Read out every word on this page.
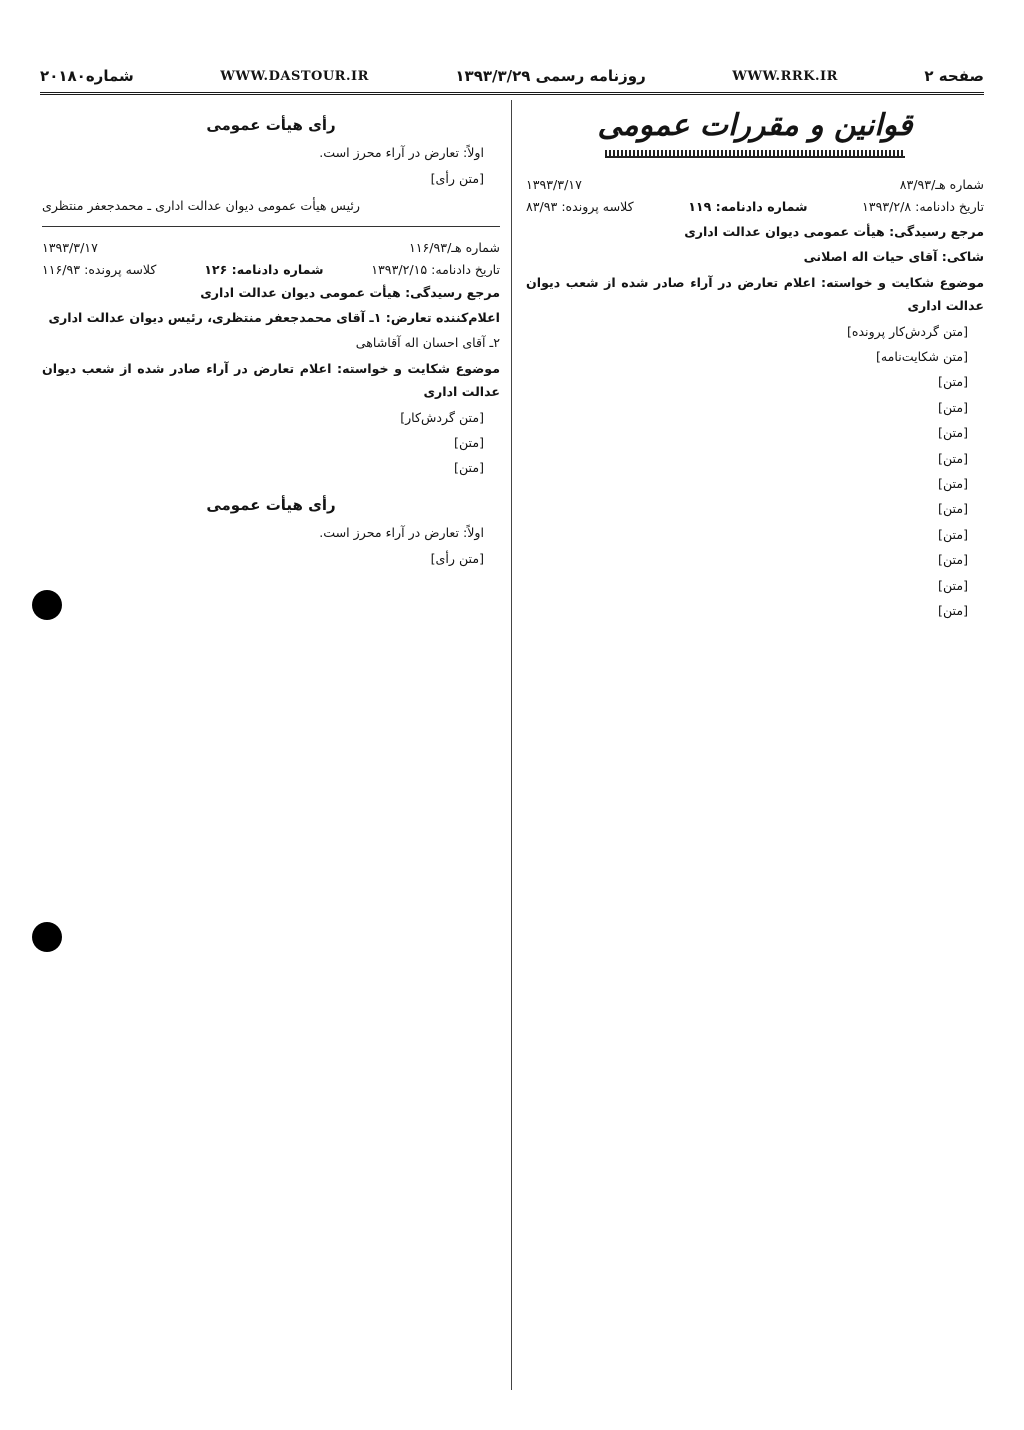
صفحه ۲
WWW.RRK.IR
روزنامه رسمی ۱۳۹۳/۳/۲۹
WWW.DASTOUR.IR
شماره۲۰۱۸۰
قوانین و مقررات عمومی
شماره هـ/۸۳/۹۳
۱۳۹۳/۳/۱۷
تاریخ دادنامه: ۱۳۹۳/۲/۸
شماره دادنامه: ۱۱۹
کلاسه پرونده: ۸۳/۹۳

مرجع رسیدگی: هیأت عمومی دیوان عدالت اداری

شاکی: آقای حیات اله اصلانی

موضوع شکایت و خواسته: اعلام تعارض در آراء صادر شده از شعب دیوان عدالت اداری

[متن گردش‌کار پرونده]

[متن شکایت‌نامه]

[متن]

[متن]

[متن]

[متن]

[متن]

[متن]

[متن]

[متن]

[متن]

[متن]

رأی هیأت عمومی

اولاً: تعارض در آراء محرز است.

[متن رأی]

رئیس هیأت عمومی دیوان عدالت اداری ـ محمدجعفر منتظری

شماره هـ/۱۱۶/۹۳
۱۳۹۳/۳/۱۷
تاریخ دادنامه: ۱۳۹۳/۲/۱۵
شماره دادنامه: ۱۲۶
کلاسه پرونده: ۱۱۶/۹۳

مرجع رسیدگی: هیأت عمومی دیوان عدالت اداری

اعلام‌کننده تعارض: ۱ـ آقای محمدجعفر منتظری، رئیس دیوان عدالت اداری

۲ـ آقای احسان اله آقاشاهی

موضوع شکایت و خواسته: اعلام تعارض در آراء صادر شده از شعب دیوان عدالت اداری

[متن گردش‌کار]

[متن]

[متن]

رأی هیأت عمومی

اولاً: تعارض در آراء محرز است.

[متن رأی]
